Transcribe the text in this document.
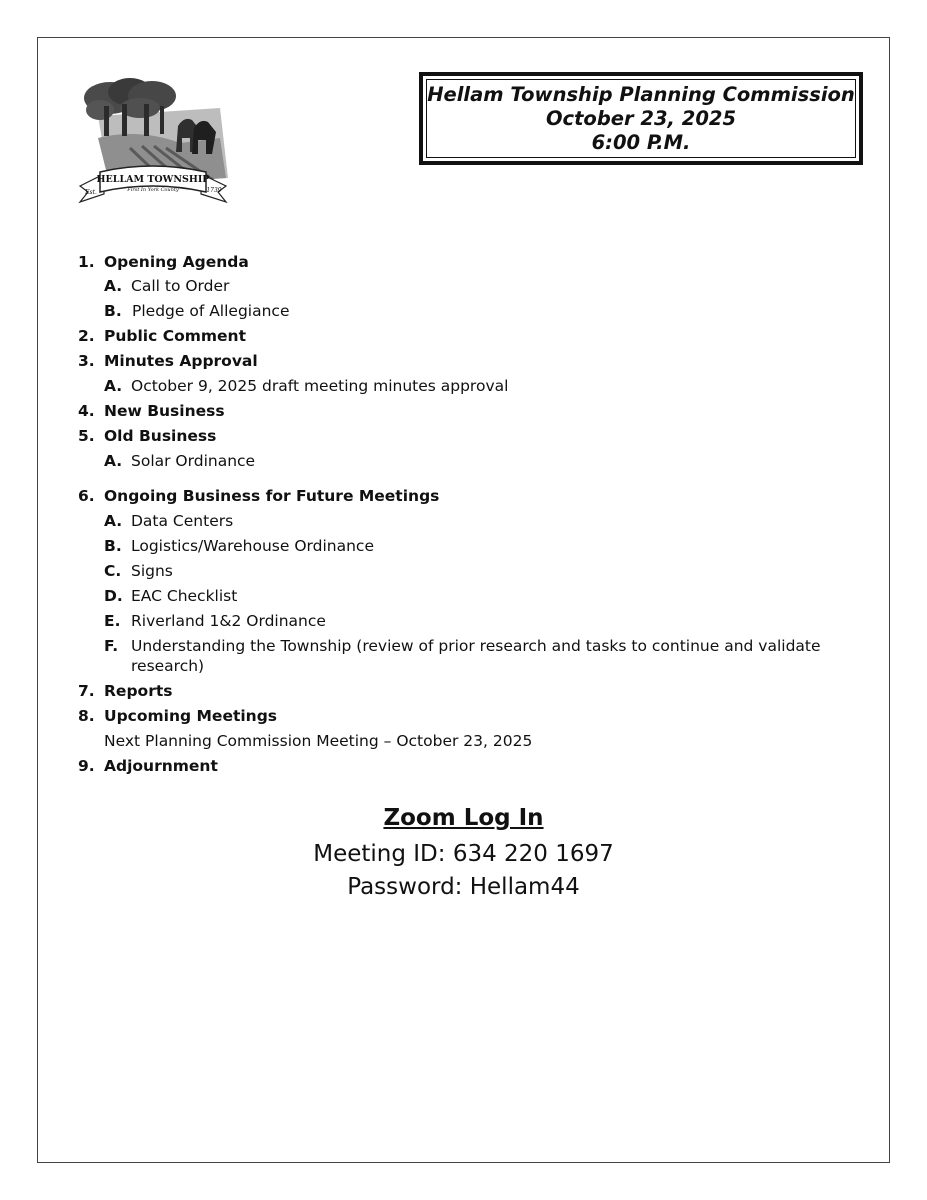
HELLAM TOWNSHIP
First In York County
Est.	1739
Hellam Township Planning Commission
October 23, 2025
6:00 P.M.
1. Opening Agenda
A. Call to Order
B. Pledge of Allegiance
2. Public Comment
3. Minutes Approval
A. October 9, 2025 draft meeting minutes approval
4. New Business
5. Old Business
A. Solar Ordinance
6. Ongoing Business for Future Meetings
A. Data Centers
B. Logistics/Warehouse Ordinance
C. Signs
D. EAC Checklist
E. Riverland 1&2 Ordinance
F. Understanding the Township (review of prior research and tasks to continue and validate
research)
7. Reports
8. Upcoming Meetings
Next Planning Commission Meeting – October 23, 2025
9. Adjournment
Zoom Log In
Meeting ID: 634 220 1697
Password: Hellam44
